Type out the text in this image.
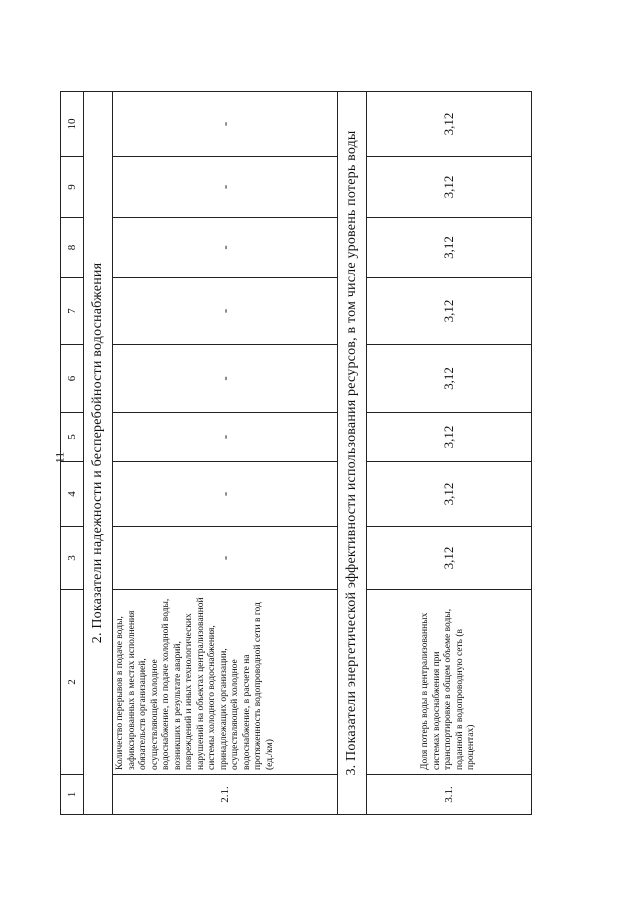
11
1	2	3	4	5	6	7	8	9	10
2. Показатели надежности и бесперебойности водоснабжения									
2.1.	Количество перерывов в подаче воды, зафиксированных в местах исполнения обязательств организацией, осуществляющей холодное водоснабжение, по подаче холодной воды, возникших в результате аварий, повреждений и иных технологических нарушений на объектах централизованной системы холодного водоснабжения, принадлежащих организации, осуществляющей холодное водоснабжение, в расчете на протяженность водопроводной сети в год (ед./км)	-	-	-	-	-	-	-	-
3. Показатели энергетической эффективности использования ресурсов, в том числе уровень потерь воды									
3.1.	Доля потерь воды в централизованных системах водоснабжения при транспортировке в общем объеме воды, поданной в водопроводную сеть (в процентах)	3,12	3,12	3,12	3,12	3,12	3,12	3,12	3,12
